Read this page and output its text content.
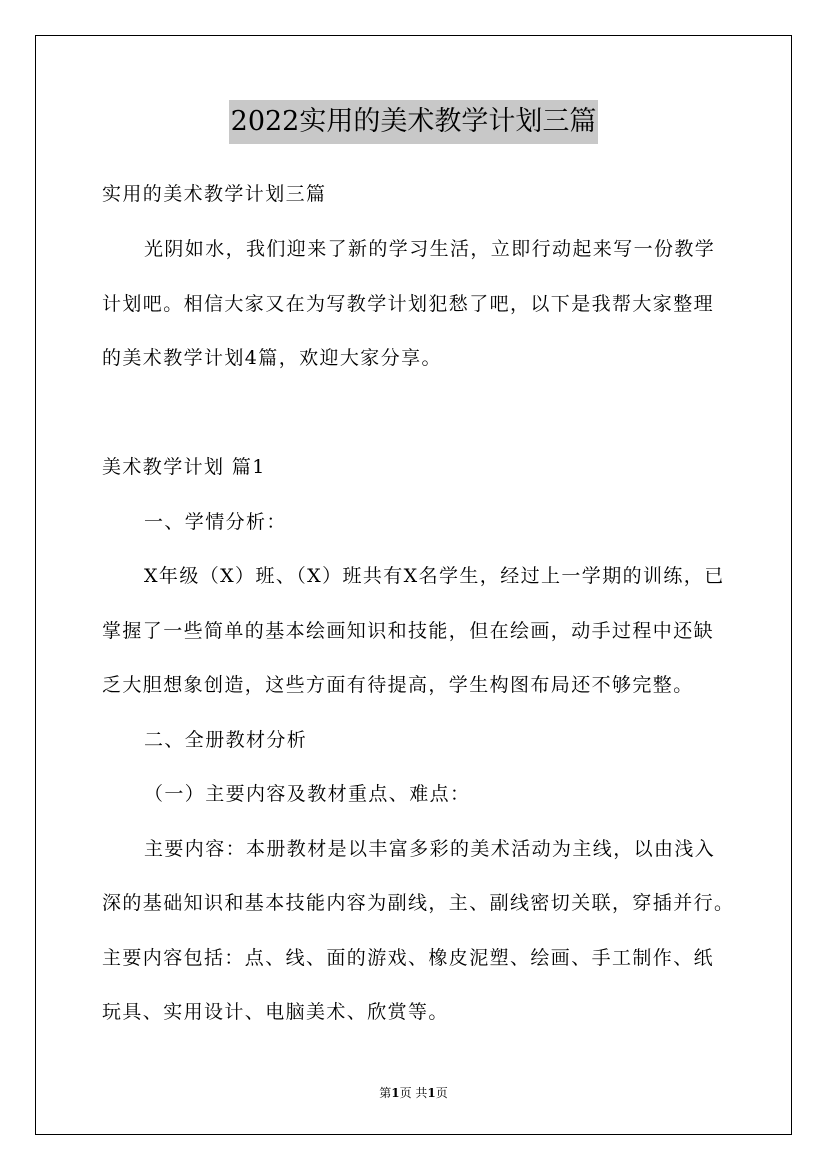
2022实用的美术教学计划三篇
实用的美术教学计划三篇
光阴如水，我们迎来了新的学习生活，立即行动起来写一份教学
计划吧。相信大家又在为写教学计划犯愁了吧，以下是我帮大家整理
的美术教学计划4篇，欢迎大家分享。
美术教学计划 篇1
一、学情分析：
X年级（X）班、（X）班共有X名学生，经过上一学期的训练，已
掌握了一些简单的基本绘画知识和技能，但在绘画，动手过程中还缺
乏大胆想象创造，这些方面有待提高，学生构图布局还不够完整。
二、全册教材分析
（一）主要内容及教材重点、难点：
主要内容：本册教材是以丰富多彩的美术活动为主线，以由浅入
深的基础知识和基本技能内容为副线，主、副线密切关联，穿插并行。
主要内容包括：点、线、面的游戏、橡皮泥塑、绘画、手工制作、纸
玩具、实用设计、电脑美术、欣赏等。
第1页 共1页
